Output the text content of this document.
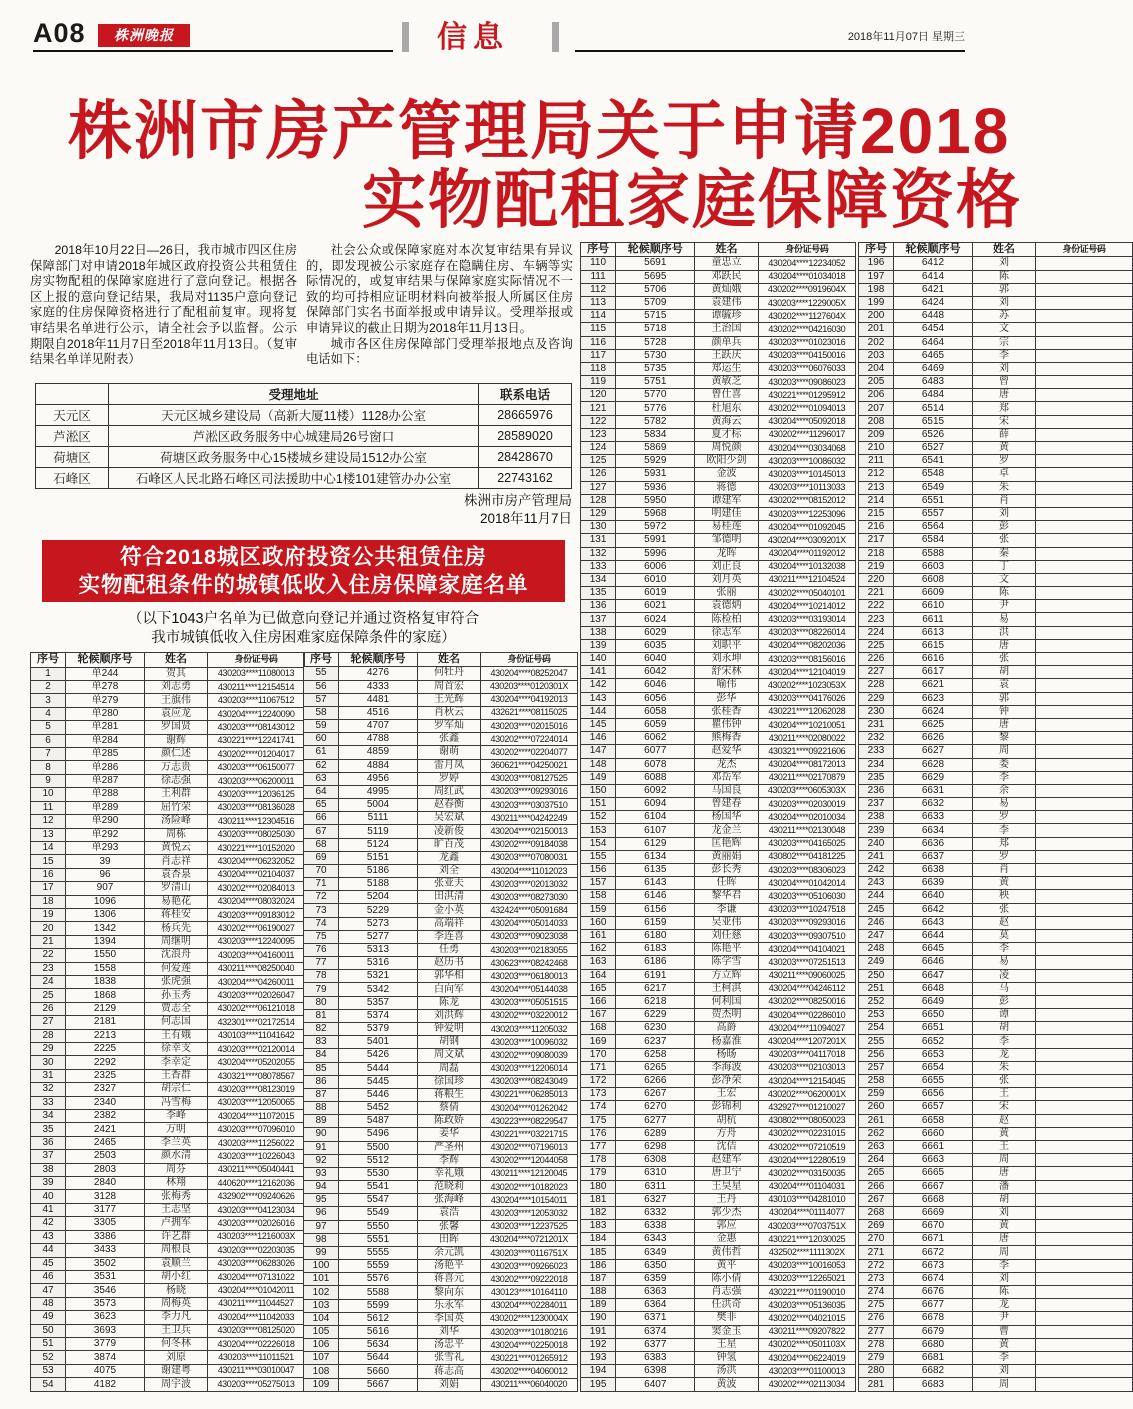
A08	株洲晚报	信息	2018年11月07日 星期三
株洲市房产管理局关于申请2018
实物配租家庭保障资格

2018年10月22日—26日，我市城市四区住房保障部门对申请2018年城区政府投资公共租赁住房实物配租的保障家庭进行了意向登记。根据各区上报的意向登记结果，我局对1135户意向登记家庭的住房保障资格进行了配租前复审。现将复审结果名单进行公示，请全社会予以监督。公示期限自2018年11月7日至2018年11月13日。（复审结果名单详见附表）

社会公众或保障家庭对本次复审结果有异议的，即发现被公示家庭存在隐瞒住房、车辆等实际情况的，或复审结果与保障家庭实际情况不一致的均可持相应证明材料向被举报人所属区住房保障部门实名书面举报或申请异议。受理举报或申请异议的截止日期为2018年11月13日。

城市各区住房保障部门受理举报地点及咨询电话如下：

	受理地址	联系电话
天元区	天元区城乡建设局（高新大厦11楼）1128办公室	28665976
芦淞区	芦淞区政务服务中心城建局26号窗口	28589020
荷塘区	荷塘区政务服务中心15楼城乡建设局1512办公室	28428670
石峰区	石峰区人民北路石峰区司法援助中心1楼101建管办办公室	22743162
株洲市房产管理局
2018年11月7日
符合2018城区政府投资公共租赁住房
实物配租条件的城镇低收入住房保障家庭名单
（以下1043户名单为已做意向登记并通过资格复审符合
我市城镇低收入住房困难家庭保障条件的家庭）
序号	轮候顺序号	姓名	身份证号码
1	单244	贺其	430203****11080013
2	单278	刘志勇	430211****12154514
3	单279	王旗伟	430203****11067512
4	单280	袁应龙	430204****12240090
5	单281	罗国贤	430203****08143012
6	单284	谢辉	430221****12241741
7	单285	颜仁述	430202****01204017
8	单286	万志贵	430203****06150077
9	单287	徐志强	430203****06200011
10	单288	王利群	430203****12036125
11	单289	屈竹荣	430203****08136028
12	单290	汤险峰	430211****12304516
13	单292	周栋	430203****08025030
14	单293	黄悦云	430221****10152020
15	39	肖志祥	430204****06232052
16	96	袁杏泉	430204****02104037
17	907	罗清山	430202****02084013
18	1096	易艳花	430204****08032024
19	1306	蒋桂安	430203****09183012
20	1342	杨兵先	430202****06190027
21	1394	周继明	430203****12240095
22	1550	沈浪舟	430203****04160011
23	1558	何爱莲	430211****08250040
24	1838	张虎强	430204****04260011
25	1868	孙玉秀	430203****02026047
26	2129	贾志全	430202****06121018
27	2181	何志国	432301****02172514
28	2213	王有娥	430103****11041642
29	2225	徐幸支	430203****02120014
30	2292	李幸定	430204****05202055
31	2325	王香群	430321****08078567
32	2327	胡宗仁	430203****08123019
33	2340	冯雪梅	430203****12050065
34	2382	李峰	430204****11072015
35	2421	万明	430203****07096010
36	2465	李兰英	430203****11256022
37	2503	颜水清	430203****10226043
38	2803	周芬	430211****05040441
39	2840	林翔	440620****12162036
40	3128	张梅秀	432902****09240626
41	3177	王志坚	430203****04123034
42	3305	卢拥军	430203****02026016
43	3386	许艺群	430203****1216003X
44	3433	周根良	430203****02203035
45	3502	袁顺兰	430203****06283026
46	3531	胡小红	430204****07131022
47	3546	杨晓	430204****01042011
48	3573	周梅英	430211****11044527
49	3623	李力凡	430204****11042033
50	3693	王卫兵	430203****08125020
51	3779	何冬林	430204****02226018
52	3874	刘原	430203****11011521
53	4075	谢建粤	430211****03010047
54	4182	周宇波	430203****05275013
序号	轮候顺序号	姓名	身份证号码
55	4276	何牡丹	430204****08252047
56	4333	周首宏	430203****0120301X
57	4481	王光辉	430204****04192013
58	4516	肖秋云	432621****08115025
59	4707	罗军灿	430203****02015016
60	4788	张鑫	430202****07224014
61	4859	谢萌	430202****02204077
62	4884	雷月凤	360621****04250021
63	4956	罗婷	430203****08127525
64	4995	周红武	430203****09293016
65	5004	赵春衡	430203****03037510
66	5111	吴宏斌	430211****04242249
67	5119	凌新俊	430204****02150013
68	5124	旷百茂	430202****09184038
69	5151	龙鑫	430203****07080031
70	5186	刘全	430204****11012023
71	5188	张亚夫	430203****02013032
72	5204	田淇清	430203****08273030
73	5229	金小英	432424****05091684
74	5273	高端祥	430204****05014033
75	5277	李连喜	430203****09023038
76	5313	任勇	430203****02183055
77	5316	赵历书	430623****08242468
78	5321	郭华相	430203****06180013
79	5342	白向军	430204****05144038
80	5357	陈龙	430203****05051515
81	5374	刘洪辉	430202****03220012
82	5379	钟爱明	430203****11205032
83	5401	胡钢	430203****10096032
84	5426	周文斌	430202****09080039
85	5444	周磊	430203****12206014
86	5445	徐国珍	430203****08243049
87	5446	蒋粮生	430221****06285013
88	5452	蔡倩	430204****01262042
89	5487	陈政娇	430223****08229547
90	5496	姜华	430221****03221715
91	5500	严圣州	430202****07196013
92	5512	李辉	430202****12044058
93	5530	幸礼娥	430211****12120045
94	5541	范晓莉	430202****10182023
95	5547	张海峰	430204****10154011
96	5549	袁浩	430203****12053032
97	5550	张馨	430203****12237525
98	5551	田晖	430204****0721201X
99	5555	余元凯	430203****0116751X
100	5559	汤艳平	430203****09266023
101	5576	蒋喜元	430202****09222018
102	5588	黎向东	430123****10164110
103	5599	乐永军	430204****02284011
104	5612	李国英	430202****1230004X
105	5616	刘华	430203****10180216
106	5634	汤忠平	430204****02250018
107	5644	张雪礼	430221****01265912
108	5660	蒋志高	430202****04060012
109	5667	刘娟	430211****06040020
序号	轮候顺序号	姓名	身份证号码
110	5691	童忠立	430204****12234052
111	5695	邓跃民	430204****01034018
112	5706	黄灿娥	430202****0919604X
113	5709	袁建伟	430203****1229005X
114	5715	谭毓珍	430202****1127604X
115	5718	王治国	430202****04216030
116	5728	颜单兵	430203****01023016
117	5730	王跃庆	430203****04150016
118	5735	郑运生	430203****06076033
119	5751	黄敏芝	430203****09086023
120	5770	曾仕喜	430221****01295912
121	5776	杜旭东	430202****01094013
122	5782	黄海云	430204****05092018
123	5834	夏才标	430202****11296017
124	5869	周悦颜	430204****03034068
125	5929	欧阳少剑	430203****10086032
126	5931	金波	430203****10145013
127	5936	蒋德	430203****10113033
128	5950	谭建军	430202****08152012
129	5968	明建佳	430203****12253096
130	5972	易桂莲	430204****01092045
131	5991	邹德明	430204****0309201X
132	5996	龙晖	430204****01192012
133	6006	刘正良	430204****10132038
134	6010	刘月英	430211****12104524
135	6019	张丽	430202****05040101
136	6021	袁德炳	430204****10214012
137	6024	陈检柏	430203****03193014
138	6029	徐志军	430203****08226014
139	6035	刘职平	430204****08202036
140	6040	刘永坤	430203****08156016
141	6042	舒宋林	430204****12104019
142	6046	喻伟	430202****1023053X
143	6056	彭华	430203****04176026
144	6058	张桂香	430221****12062028
145	6059	瞿伟钟	430204****10210051
146	6062	熊梅香	430211****02080022
147	6077	赵爱华	430321****09221606
148	6078	龙杰	430204****08172013
149	6088	邓岳军	430211****02170879
150	6092	马国良	430203****0605303X
151	6094	曾建春	430203****02030019
152	6104	杨国华	430204****02010034
153	6107	龙金兰	430211****02130048
154	6129	匡艳辉	430203****04165025
155	6134	黄丽娟	430802****04181225
156	6135	彭长秀	430203****08306023
157	6143	任晖	430204****01042014
158	6146	黎华君	430203****05106030
159	6156	李谦	430203****10247518
160	6159	吴亚伟	430203****09293016
161	6180	刘任慈	430203****09307510
162	6183	陈艳平	430204****04104021
163	6186	陈学雪	430203****07251513
164	6191	方立辉	430211****09060025
165	6217	王柯淇	430204****04246112
166	6218	何利国	430202****08250016
167	6229	贺杰明	430204****02286010
168	6230	高爵	430204****11094027
169	6237	杨嘉淮	430204****1207201X
170	6258	杨旸	430203****04117018
171	6265	李海波	430203****02103013
172	6266	彭净荣	430204****12154045
173	6267	王宏	430202****0620001X
174	6270	彭锦利	432927****01210027
175	6277	胡杭	430802****08050023
176	6289	方舟	430202****02231015
177	6298	沈佶	430202****07210519
178	6308	赵建军	430204****12280519
179	6310	唐卫宁	430202****03150035
180	6311	王昊星	430204****01104031
181	6327	王丹	430103****04281010
182	6332	郭少杰	430204****01114077
183	6338	郭应	430203****0703751X
184	6343	金惠	430221****12030025
185	6349	黄伟哲	432502****1111302X
186	6350	黄平	430203****10016053
187	6359	陈小倩	430203****12265021
188	6363	肖志强	430221****01190010
189	6364	任洪奇	430203****05136035
190	6371	樊非	430202****04021015
191	6374	窦金玉	430211****09207822
192	6377	王星	430202****0501103X
193	6383	钟氢	430204****06224019
194	6398	汤洪	430203****01100013
195	6407	黄波	430202****02113034
序号	轮候顺序号	姓名	身份证号码
196	6412	刘	
197	6414	陈	
198	6421	郭	
199	6424	刘	
200	6448	苏	
201	6454	文	
202	6464	宗	
203	6465	李	
204	6469	刘	
205	6483	曾	
206	6484	唐	
207	6514	郑	
208	6515	宋	
209	6526	薛	
210	6527	黄	
211	6541	罗	
212	6548	卓	
213	6549	朱	
214	6551	肖	
215	6557	刘	
216	6564	彭	
217	6584	张	
218	6588	秦	
219	6603	丁	
220	6608	文	
221	6609	陈	
222	6610	尹	
223	6611	易	
224	6613	洪	
225	6615	唐	
226	6616	张	
227	6617	胡	
228	6621	袁	
229	6623	郭	
230	6624	钟	
231	6625	唐	
232	6626	黎	
233	6627	周	
234	6628	娄	
235	6629	李	
236	6631	余	
237	6632	易	
238	6633	罗	
239	6634	李	
240	6636	郑	
241	6637	罗	
242	6638	肖	
243	6639	黄	
244	6640	秧	
245	6642	张	
246	6643	赵	
247	6644	莫	
248	6645	李	
249	6646	易	
250	6647	凌	
251	6648	马	
252	6649	彭	
253	6650	谭	
254	6651	胡	
255	6652	李	
256	6653	龙	
257	6654	朱	
258	6655	张	
259	6656	王	
260	6657	宋	
261	6658	赵	
262	6660	黄	
263	6661	王	
264	6663	周	
265	6665	唐	
266	6667	潘	
267	6668	胡	
268	6669	刘	
269	6670	黄	
270	6671	唐	
271	6672	周	
272	6673	李	
273	6674	刘	
274	6676	陈	
275	6677	龙	
276	6678	尹	
277	6679	曹	
278	6680	黄	
279	6681	李	
280	6682	刘	
281	6683	周	
